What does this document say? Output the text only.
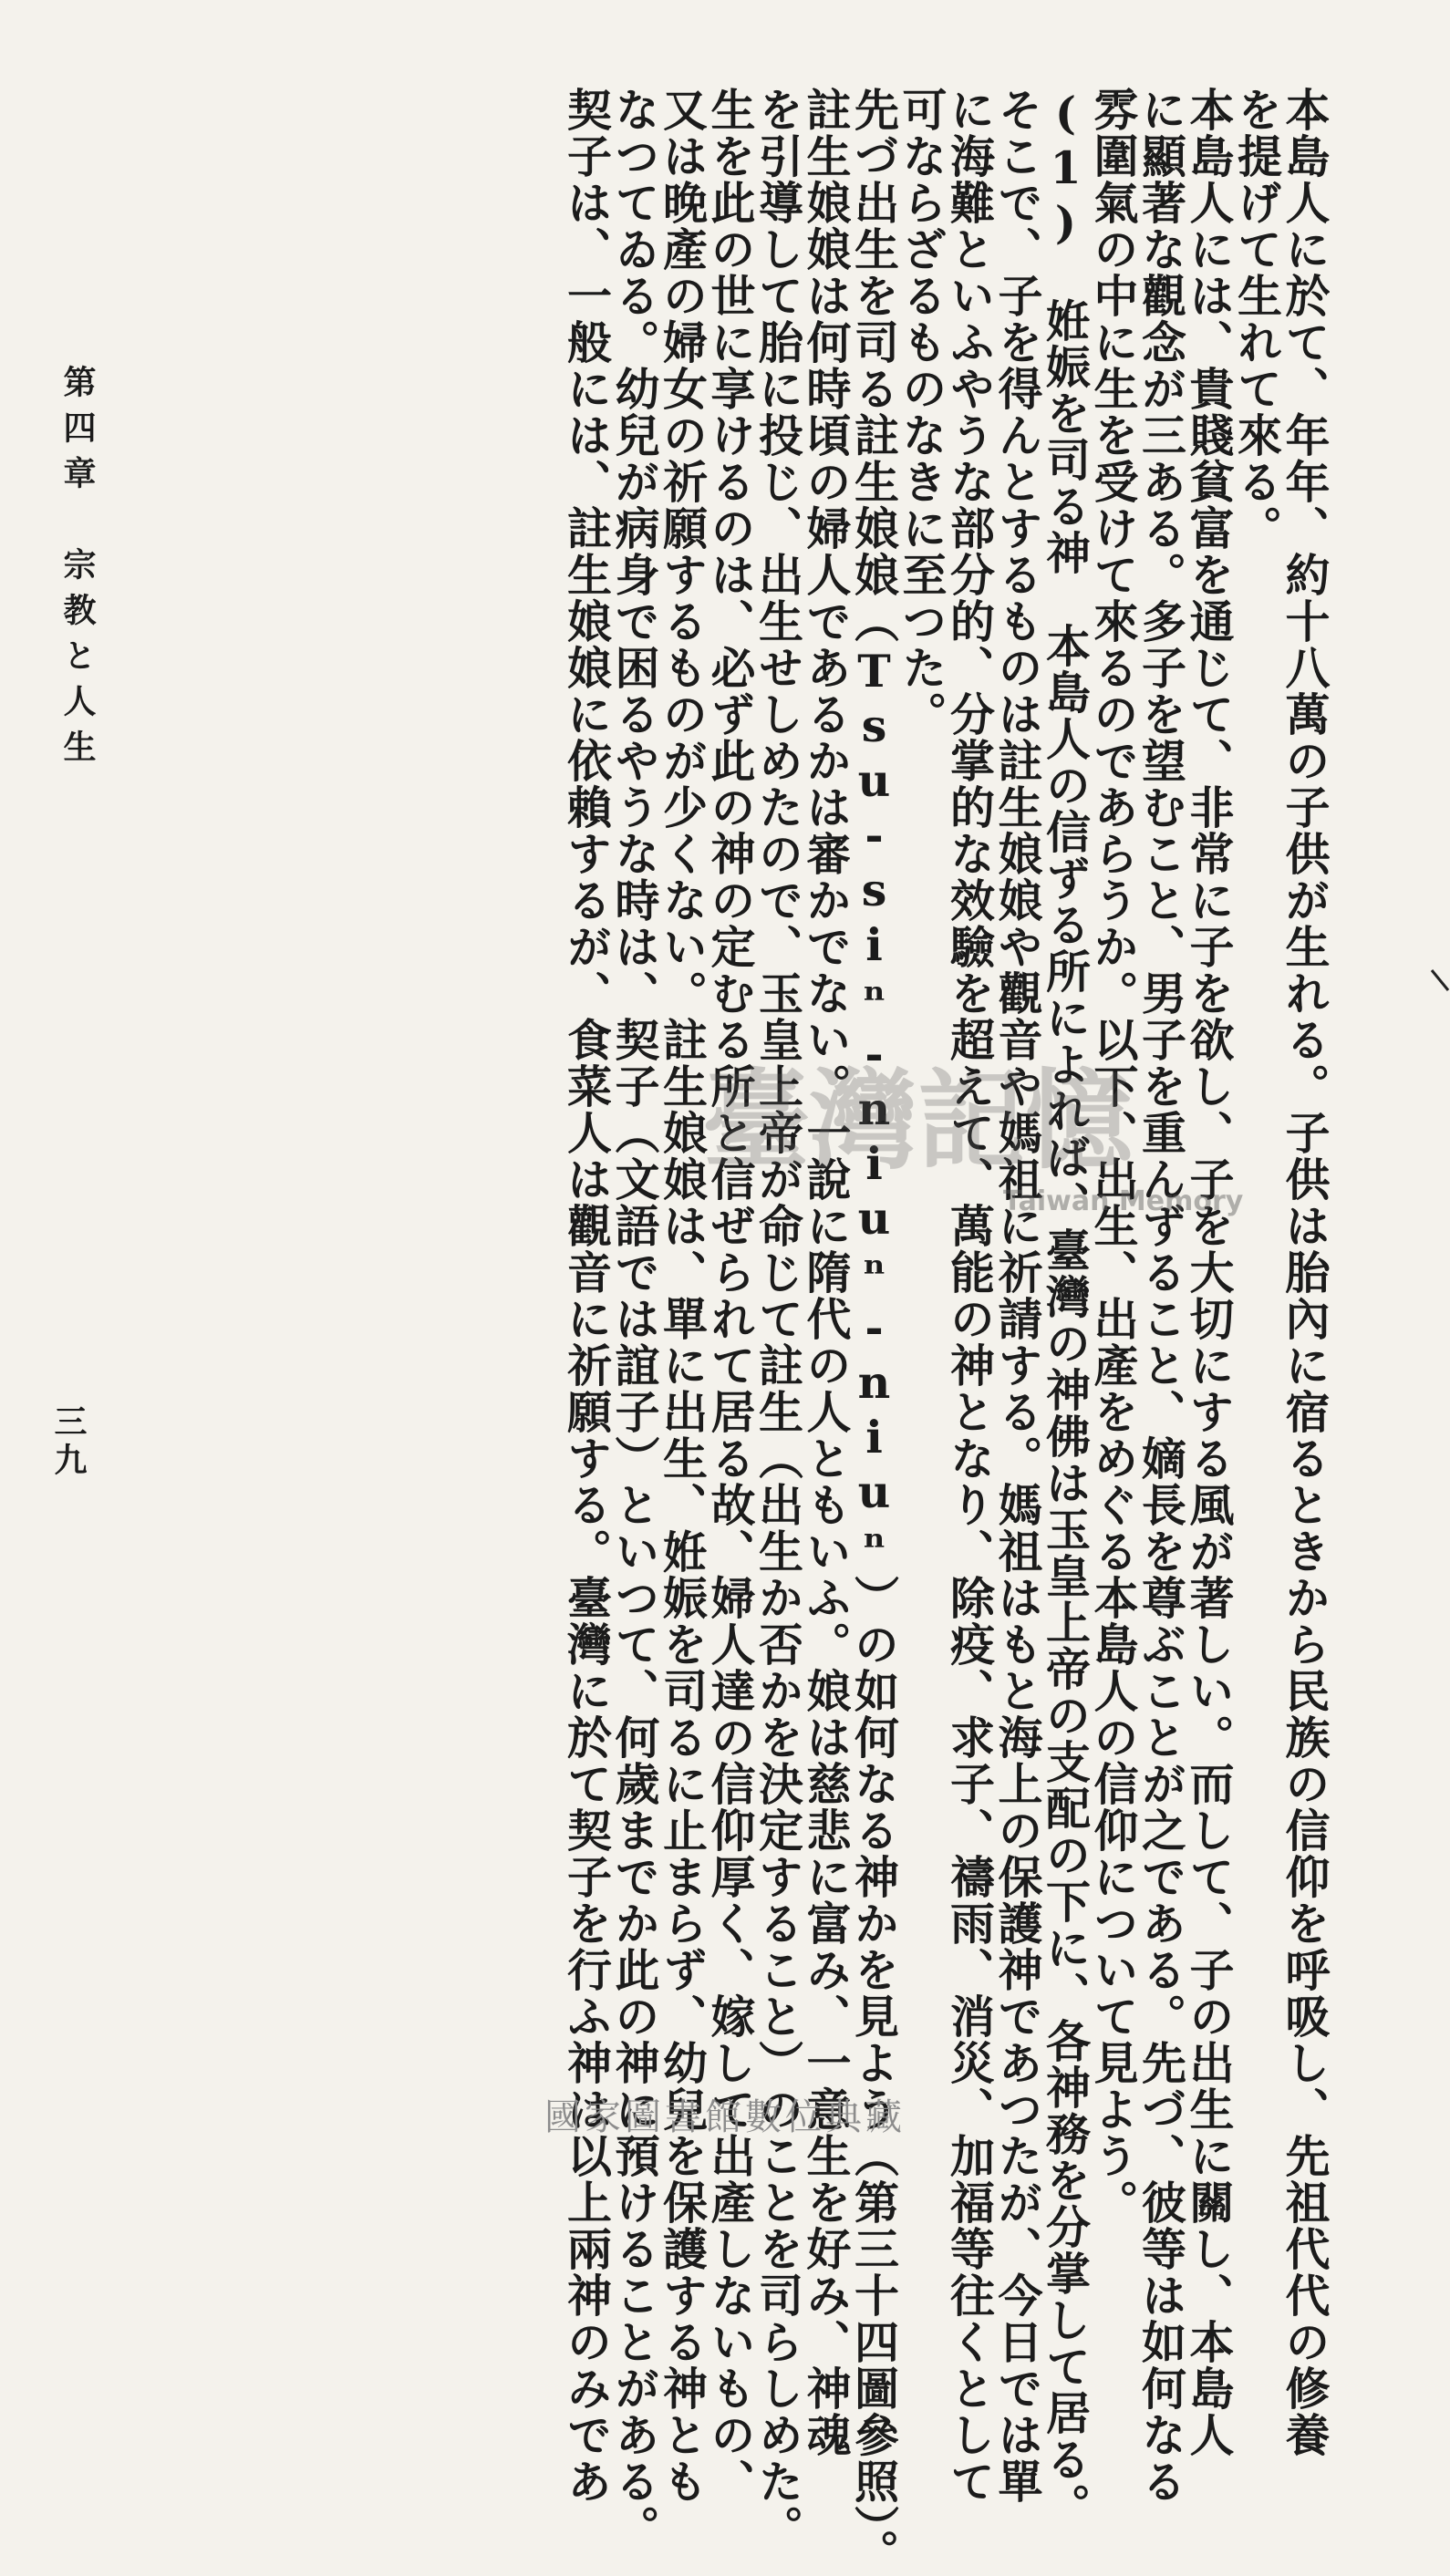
本島人に於て、年年、約十八萬の子供が生れる。子供は胎內に宿るときから民族の信仰を呼吸し、先祖代代の修養
を提げて生れて來る。
本島人には、貴賤貧富を通じて、非常に子を欲し、子を大切にする風が著しい。而して、子の出生に關し、本島人
に顯著な觀念が三ある。多子を望むこと、男子を重んずること、嫡長を尊ぶことが之である。先づ、彼等は如何なる
雰圍氣の中に生を受けて來るのであらうか。以下、出生、出產をめぐる本島人の信仰について見よう。
(1)　姙娠を司る神　本島人の信ずる所によれば、臺灣の神佛は玉皇上帝の支配の下に、各神務を分掌して居る。
そこで、子を得んとするものは註生娘娘や觀音や媽祖に祈請する。媽祖はもと海上の保護神であつたが、今日では單
に海難といふやうな部分的、分掌的な效驗を超えて、萬能の神となり、除疫、求子、禱雨、消災、加福等往くとして
可ならざるものなきに至つた。
先づ出生を司る註生娘娘（Tsu-siⁿ-niuⁿ-niuⁿ）の如何なる神かを見よう（第三十四圖參照）。
註生娘娘は何時頃の婦人であるかは審かでない。一說に隋代の人ともいふ。娘は慈悲に富み、一意生を好み、神魂
を引導して胎に投じ、出生せしめたので、玉皇上帝が命じて註生（出生か否かを決定すること）のことを司らしめた。
生を此の世に享けるのは、必ず此の神の定むる所と信ぜられて居る故、婦人達の信仰厚く、嫁して出產しないもの、
又は晚產の婦女の祈願するものが少くない。註生娘娘は、單に出生、姙娠を司るに止まらず、幼兒を保護する神とも
なつてゐる。幼兒が病身で困るやうな時は、契子（文語では誼子）といつて、何歲までか此の神に預けることがある。
契子は、一般には、註生娘娘に依賴するが、食菜人は觀音に祈願する。臺灣に於て契子を行ふ神は以上兩神のみであ
第四章　宗教と人生
三九
臺灣記憶
Taiwan Memory
國家圖書館數位典藏
